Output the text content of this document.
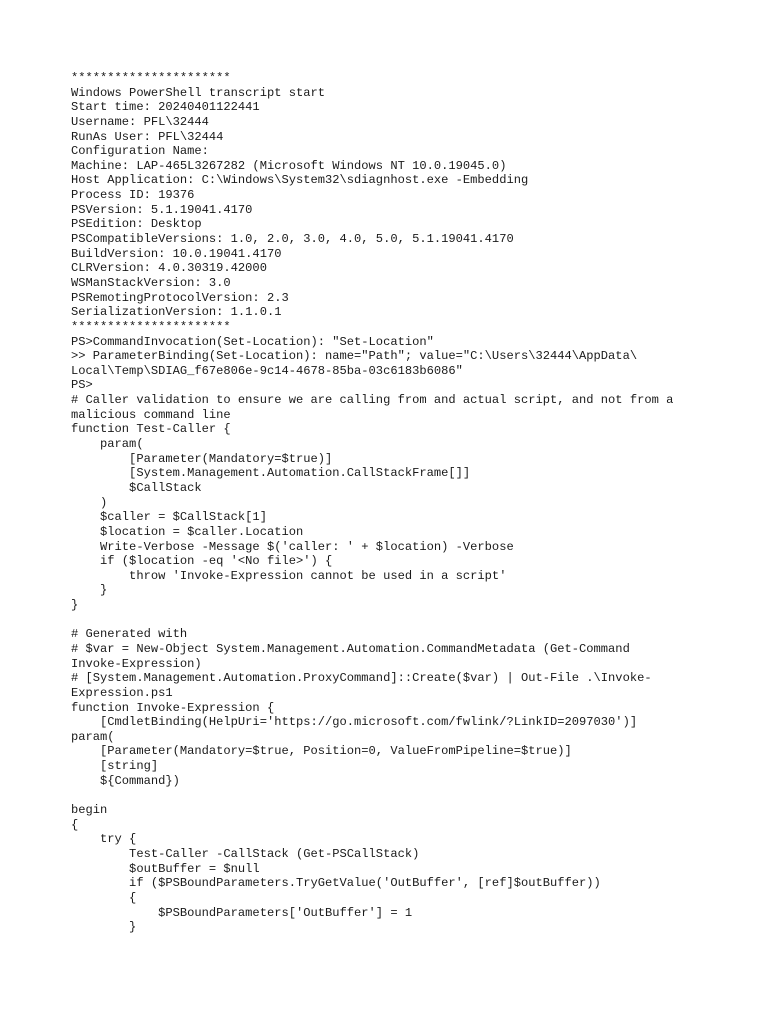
**********************
Windows PowerShell transcript start
Start time: 20240401122441
Username: PFL\32444
RunAs User: PFL\32444
Configuration Name:
Machine: LAP-465L3267282 (Microsoft Windows NT 10.0.19045.0)
Host Application: C:\Windows\System32\sdiagnhost.exe -Embedding
Process ID: 19376
PSVersion: 5.1.19041.4170
PSEdition: Desktop
PSCompatibleVersions: 1.0, 2.0, 3.0, 4.0, 5.0, 5.1.19041.4170
BuildVersion: 10.0.19041.4170
CLRVersion: 4.0.30319.42000
WSManStackVersion: 3.0
PSRemotingProtocolVersion: 2.3
SerializationVersion: 1.1.0.1
**********************
PS>CommandInvocation(Set-Location): "Set-Location"
>> ParameterBinding(Set-Location): name="Path"; value="C:\Users\32444\AppData\
Local\Temp\SDIAG_f67e806e-9c14-4678-85ba-03c6183b6086"
PS>
# Caller validation to ensure we are calling from and actual script, and not from a
malicious command line
function Test-Caller {
param(
[Parameter(Mandatory=$true)]
[System.Management.Automation.CallStackFrame[]]
$CallStack
)
$caller = $CallStack[1]
$location = $caller.Location
Write-Verbose -Message $('caller: ' + $location) -Verbose
if ($location -eq '<No file>') {
throw 'Invoke-Expression cannot be used in a script'
}
}
# Generated with
# $var = New-Object System.Management.Automation.CommandMetadata (Get-Command
Invoke-Expression)
# [System.Management.Automation.ProxyCommand]::Create($var) | Out-File .\Invoke-
Expression.ps1
function Invoke-Expression {
[CmdletBinding(HelpUri='https://go.microsoft.com/fwlink/?LinkID=2097030')]
param(
[Parameter(Mandatory=$true, Position=0, ValueFromPipeline=$true)]
[string]
${Command})
begin
{
try {
Test-Caller -CallStack (Get-PSCallStack)
$outBuffer = $null
if ($PSBoundParameters.TryGetValue('OutBuffer', [ref]$outBuffer))
{
$PSBoundParameters['OutBuffer'] = 1
}
